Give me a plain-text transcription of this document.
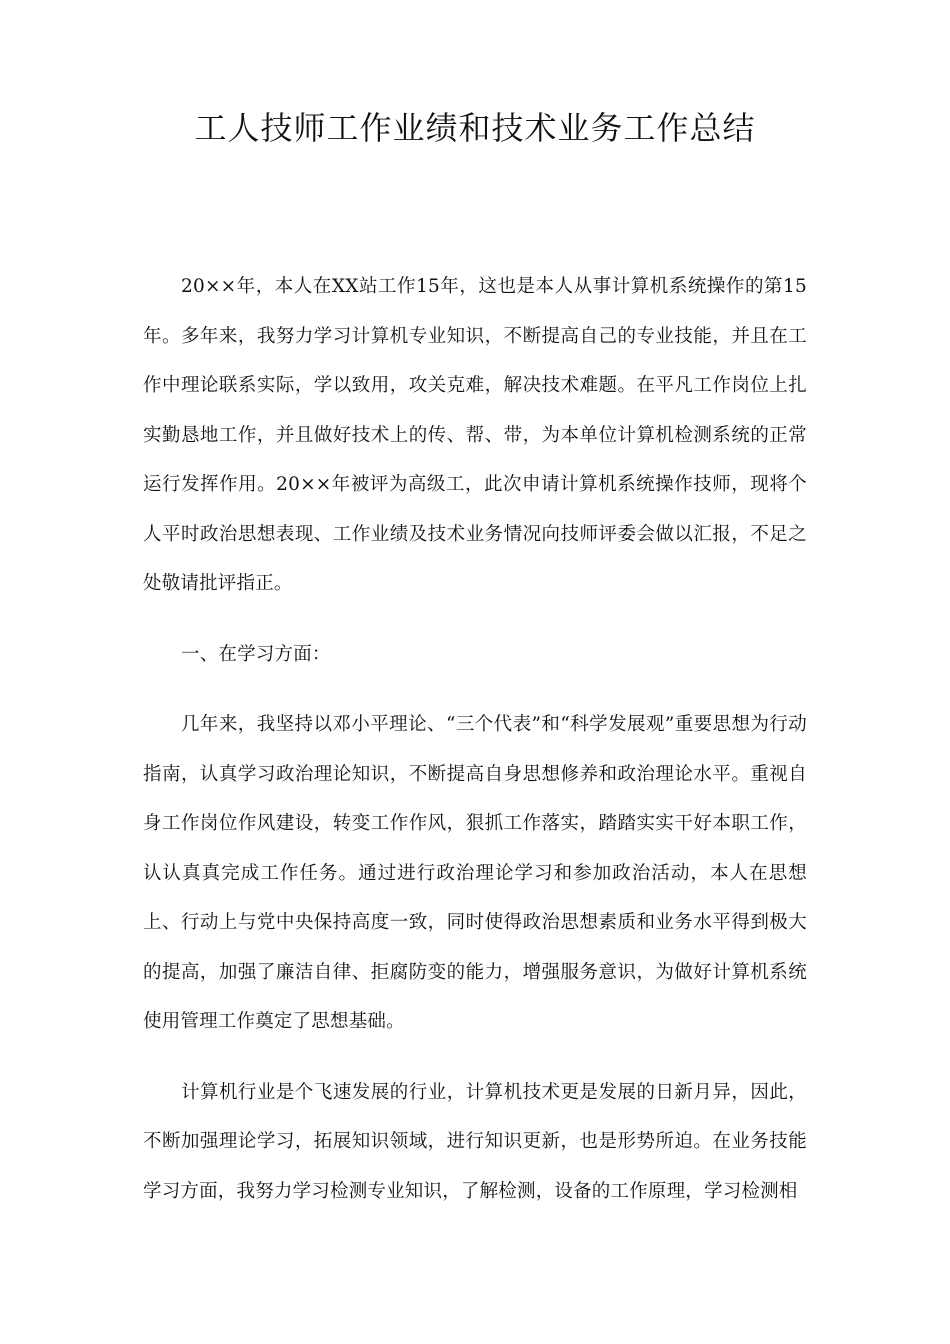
工人技师工作业绩和技术业务工作总结

20××年，本人在XX站工作15年，这也是本人从事计算机系统操作的第15年。多年来，我努力学习计算机专业知识，不断提高自己的专业技能，并且在工作中理论联系实际，学以致用，攻关克难，解决技术难题。在平凡工作岗位上扎实勤恳地工作，并且做好技术上的传、帮、带，为本单位计算机检测系统的正常运行发挥作用。20××年被评为高级工，此次申请计算机系统操作技师，现将个人平时政治思想表现、工作业绩及技术业务情况向技师评委会做以汇报，不足之处敬请批评指正。

一、在学习方面：

几年来，我坚持以邓小平理论、“三个代表”和“科学发展观”重要思想为行动指南，认真学习政治理论知识，不断提高自身思想修养和政治理论水平。重视自身工作岗位作风建设，转变工作作风，狠抓工作落实，踏踏实实干好本职工作，认认真真完成工作任务。通过进行政治理论学习和参加政治活动，本人在思想上、行动上与党中央保持高度一致，同时使得政治思想素质和业务水平得到极大的提高，加强了廉洁自律、拒腐防变的能力，增强服务意识，为做好计算机系统使用管理工作奠定了思想基础。

计算机行业是个飞速发展的行业，计算机技术更是发展的日新月异，因此，不断加强理论学习，拓展知识领域，进行知识更新，也是形势所迫。在业务技能学习方面，我努力学习检测专业知识，了解检测，设备的工作原理，学习检测相
